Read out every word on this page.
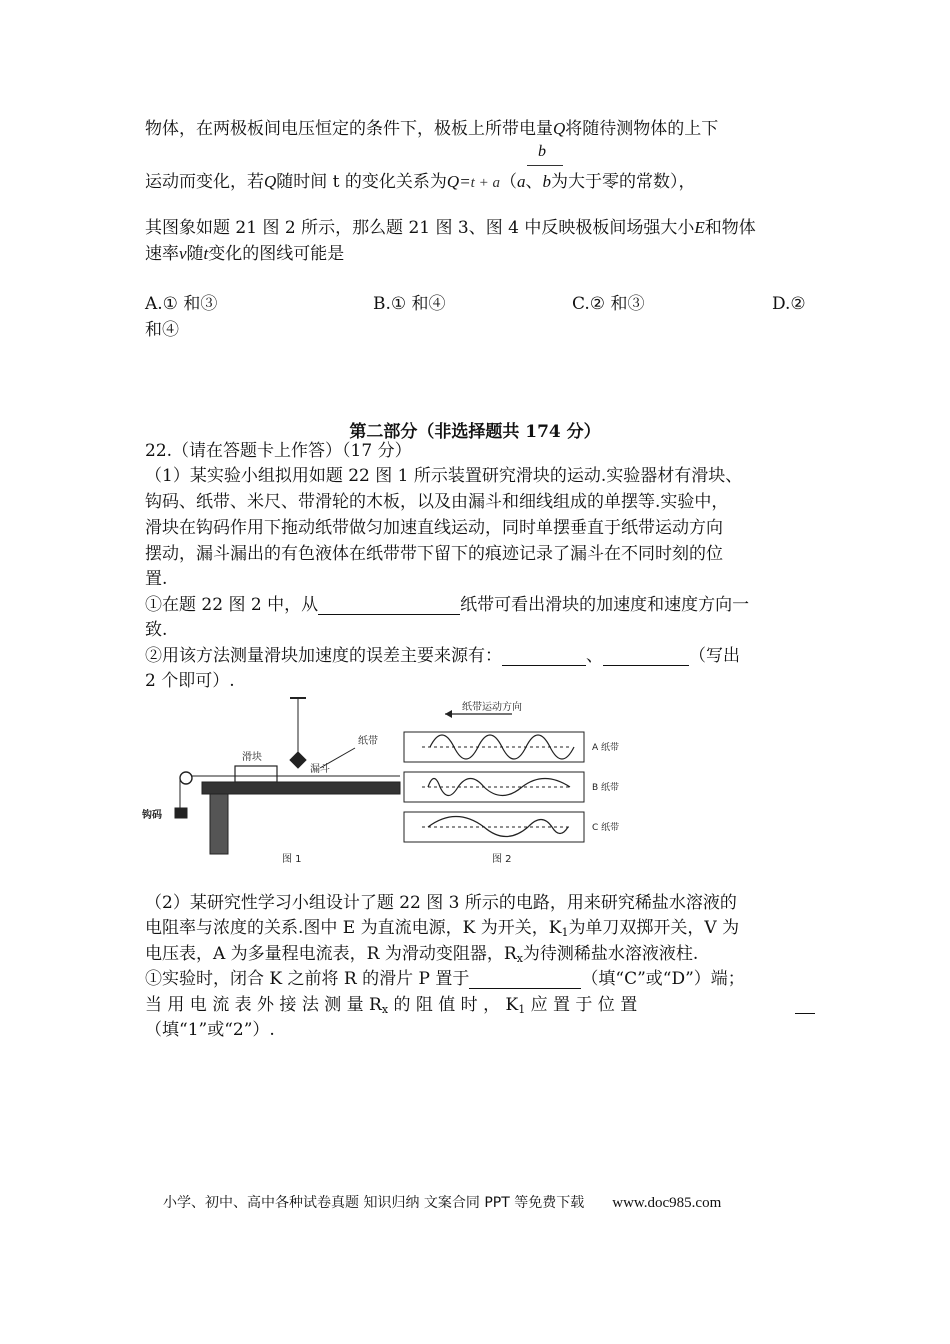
物体，在两极板间电压恒定的条件下，极板上所带电量Q将随待测物体的上下
b
运动而变化，若Q随时间 t 的变化关系为Q=t + a（a、b为大于零的常数），
其图象如题 21 图 2 所示，那么题 21 图 3、图 4 中反映极板间场强大小E和物体
速率v随t变化的图线可能是
A.① 和③	B.① 和④	C.② 和③	D.②
和④
第二部分（非选择题共 174 分）
22.（请在答题卡上作答）（17 分）
（1）某实验小组拟用如题 22 图 1 所示装置研究滑块的运动.实验器材有滑块、
钩码、纸带、米尺、带滑轮的木板，以及由漏斗和细线组成的单摆等.实验中，
滑块在钩码作用下拖动纸带做匀加速直线运动，同时单摆垂直于纸带运动方向
摆动，漏斗漏出的有色液体在纸带带下留下的痕迹记录了漏斗在不同时刻的位
置.
①在题 22 图 2 中，从	纸带可看出滑块的加速度和速度方向一
致.
②用该方法测量滑块加速度的误差主要来源有：	、	（写出
2 个即可）.
滑块
漏斗
纸带
钩码
图 1
纸带运动方向
A 纸带
B 纸带
C 纸带
图 2
（2）某研究性学习小组设计了题 22 图 3 所示的电路，用来研究稀盐水溶液的
电阻率与浓度的关系.图中 E 为直流电源，K 为开关，$K_1$为单刀双掷开关，V 为
电压表，A 为多量程电流表，R 为滑动变阻器，$R_x$为待测稀盐水溶液液柱.
①实验时，闭合 K 之前将 R 的滑片 P 置于	（填“C”或“D”）端；
当 用 电 流 表 外 接 法 测 量 $R_x$ 的 阻 值 时 ， $K_1$ 应 置 于 位 置
（填“1”或“2”）.
小学、初中、高中各种试卷真题 知识归纳 文案合同 PPT 等免费下载 www.doc985.com
